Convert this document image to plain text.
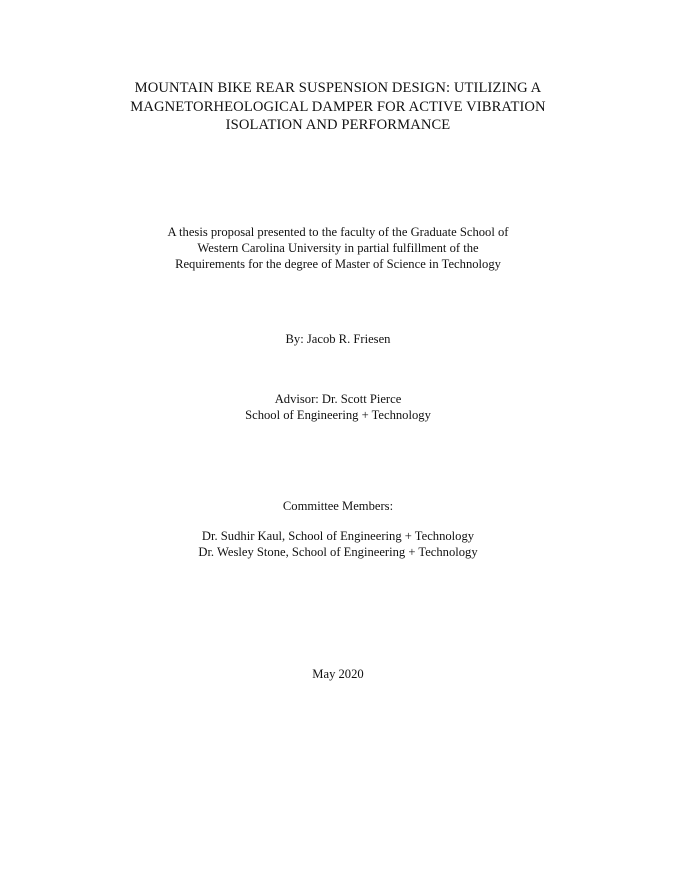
MOUNTAIN BIKE REAR SUSPENSION DESIGN: UTILIZING A
MAGNETORHEOLOGICAL DAMPER FOR ACTIVE VIBRATION
ISOLATION AND PERFORMANCE
A thesis proposal presented to the faculty of the Graduate School of
Western Carolina University in partial fulfillment of the
Requirements for the degree of Master of Science in Technology
By: Jacob R. Friesen
Advisor: Dr. Scott Pierce
School of Engineering + Technology
Committee Members:
Dr. Sudhir Kaul, School of Engineering + Technology
Dr. Wesley Stone, School of Engineering + Technology
May 2020
